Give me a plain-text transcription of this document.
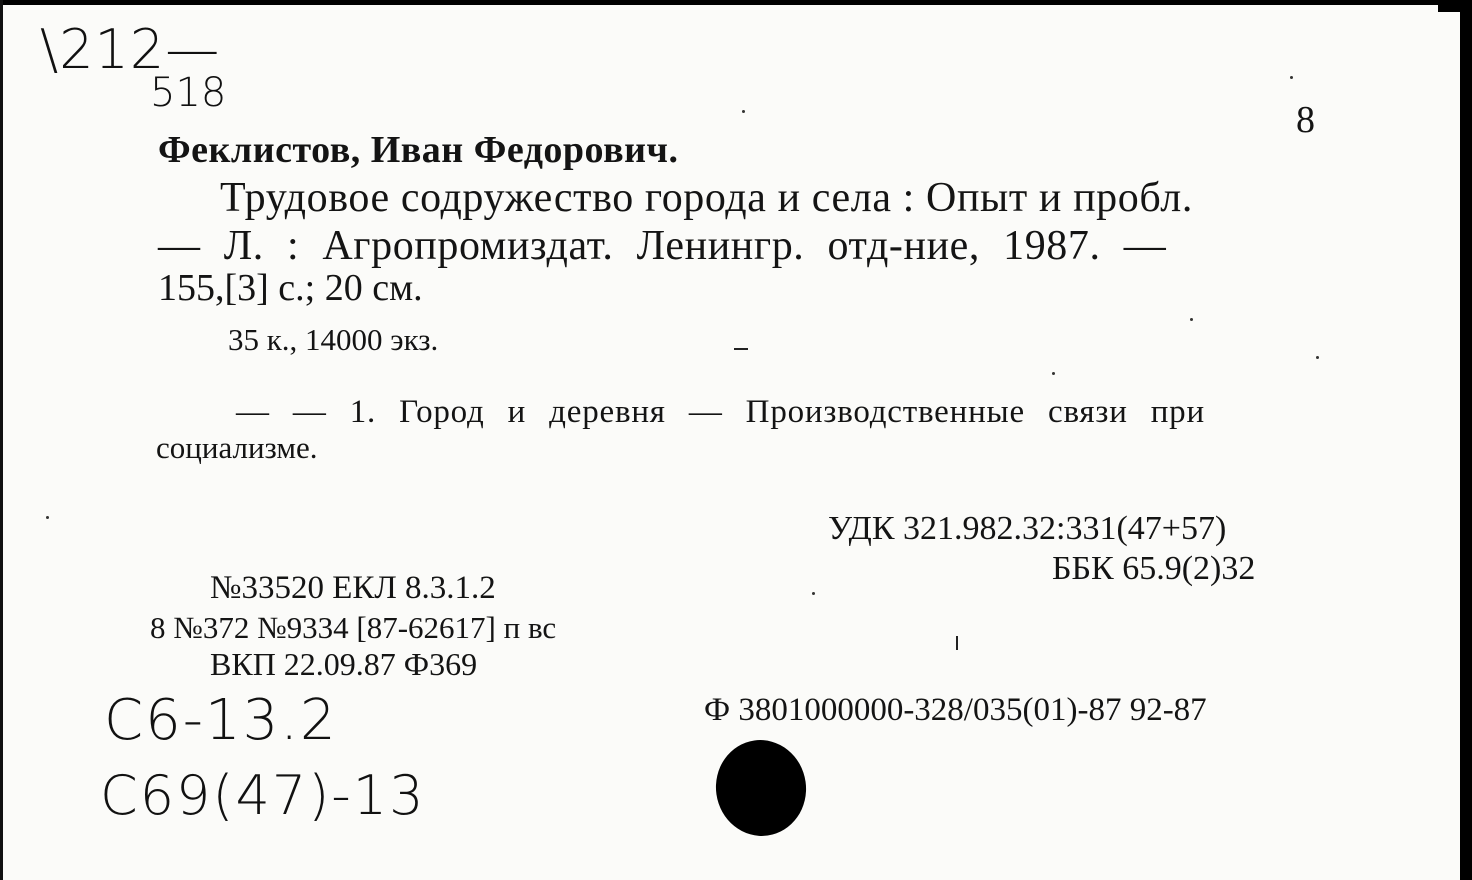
\212—
518
8
Феклистов, Иван Федорович.
Трудовое содружество города и села : Опыт и пробл.
— Л. : Агропромиздат. Ленингр. отд-ние, 1987. —
155,[3] с.; 20 см.
35 к., 14000 экз.
— — 1. Город и деревня — Производственные связи при
социализме.
УДК 321.982.32:331(47+57)
ББК 65.9(2)32
№33520 ЕКЛ 8.3.1.2
8 №372 №9334 [87-62617] п вс
ВКП 22.09.87 Ф369
Ф 3801000000-328/035(01)-87 92-87
C6-13.2
C69(47)-13
